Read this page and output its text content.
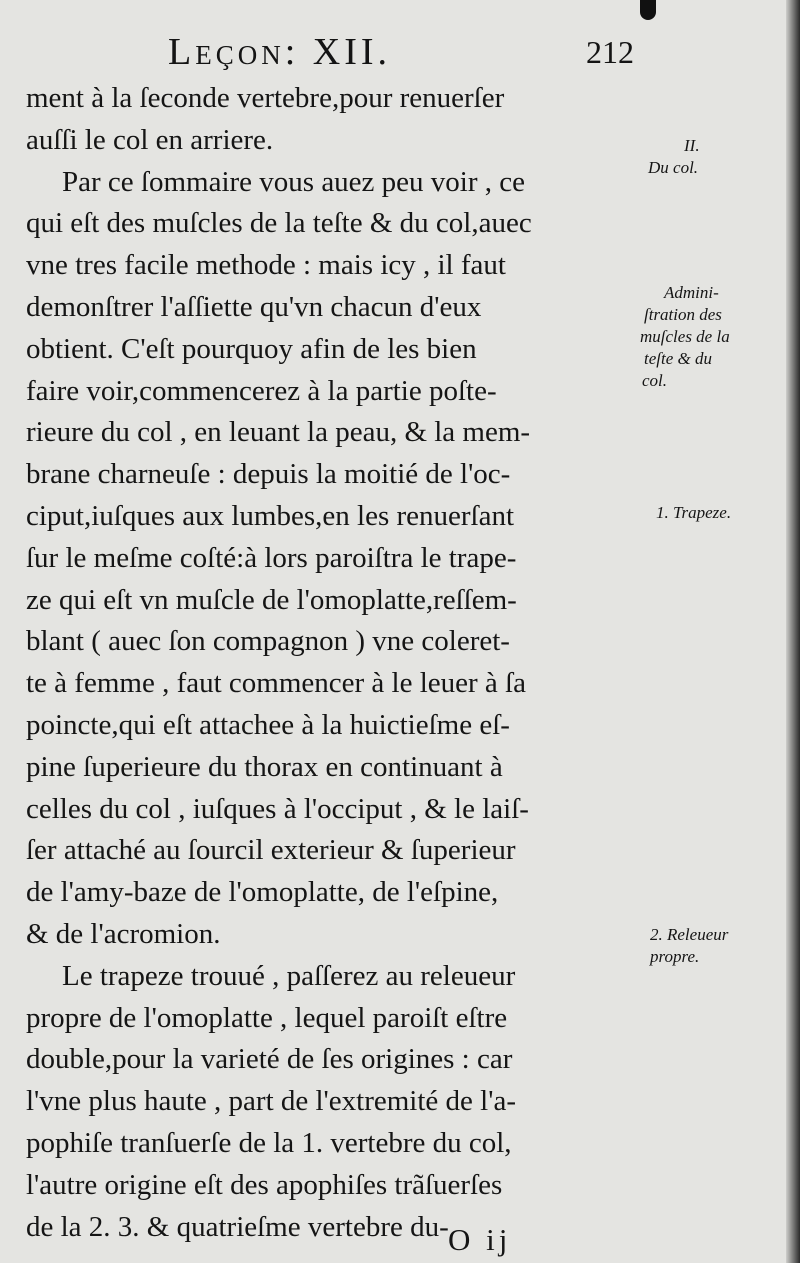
Leçon: XII.	212
ment à la ſeconde vertebre,pour renuerſer
auſſi le col en arriere.
Par ce ſommaire vous auez peu voir , ce
qui eſt des muſcles de la teſte & du col,auec
vne tres facile methode : mais icy , il faut
demonſtrer l'aſſiette qu'vn chacun d'eux
obtient. C'eſt pourquoy afin de les bien
faire voir,commencerez à la partie poſte-
rieure du col , en leuant la peau, & la mem-
brane charneuſe : depuis la moitié de l'oc-
ciput,iuſques aux lumbes,en les renuerſant
ſur le meſme coſté:à lors paroiſtra le trape-
ze qui eſt vn muſcle de l'omoplatte,reſſem-
blant ( auec ſon compagnon ) vne coleret-
te à femme , faut commencer à le leuer à ſa
poincte,qui eſt attachee à la huictieſme eſ-
pine ſuperieure du thorax en continuant à
celles du col , iuſques à l'occiput , & le laiſ-
ſer attaché au ſourcil exterieur & ſuperieur
de l'amy-baze de l'omoplatte, de l'eſpine,
& de l'acromion.
Le trapeze trouué , paſſerez au releueur
propre de l'omoplatte , lequel paroiſt eſtre
double,pour la varieté de ſes origines : car
l'vne plus haute , part de l'extremité de l'a-
pophiſe tranſuerſe de la 1. vertebre du col,
l'autre origine eſt des apophiſes trãſuerſes
de la 2. 3. & quatrieſme vertebre du-
II.
Du col.
Admini-
ſtration des
muſcles de la
teſte & du
col.
1. Trapeze.
2. Releueur
propre.
O ij
